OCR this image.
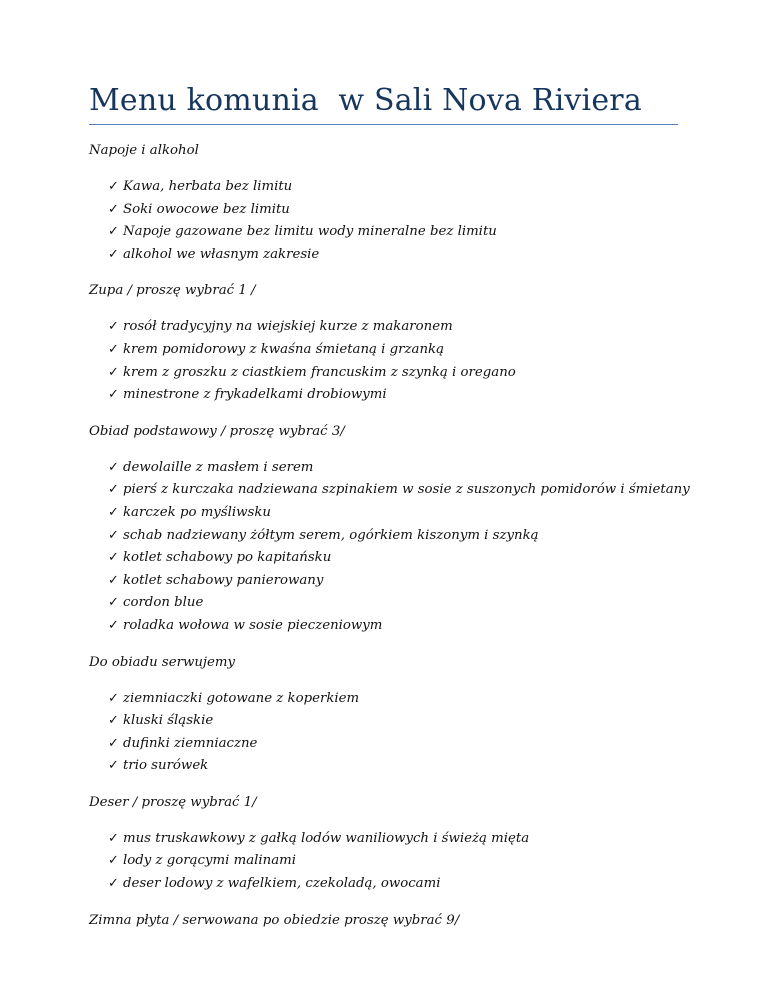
Menu komunia  w Sali Nova Riviera
Napoje i alkohol
✓ Kawa, herbata bez limitu
✓ Soki owocowe bez limitu
✓ Napoje gazowane bez limitu wody mineralne bez limitu
✓ alkohol we własnym zakresie
Zupa / proszę wybrać 1 /
✓ rosół tradycyjny na wiejskiej kurze z makaronem
✓ krem pomidorowy z kwaśna śmietaną i grzanką
✓ krem z groszku z ciastkiem francuskim z szynką i oregano
✓ minestrone z frykadelkami drobiowymi
Obiad podstawowy / proszę wybrać 3/
✓ dewolaille z masłem i serem
✓ pierś z kurczaka nadziewana szpinakiem w sosie z suszonych pomidorów i śmietany
✓ karczek po myśliwsku
✓ schab nadziewany żółtym serem, ogórkiem kiszonym i szynką
✓ kotlet schabowy po kapitańsku
✓ kotlet schabowy panierowany
✓ cordon blue
✓ roladka wołowa w sosie pieczeniowym
Do obiadu serwujemy
✓ ziemniaczki gotowane z koperkiem
✓ kluski śląskie
✓ dufinki ziemniaczne
✓ trio surówek
Deser / proszę wybrać 1/
✓ mus truskawkowy z gałką lodów waniliowych i świeżą mięta
✓ lody z gorącymi malinami
✓ deser lodowy z wafelkiem, czekoladą, owocami
Zimna płyta / serwowana po obiedzie proszę wybrać 9/
